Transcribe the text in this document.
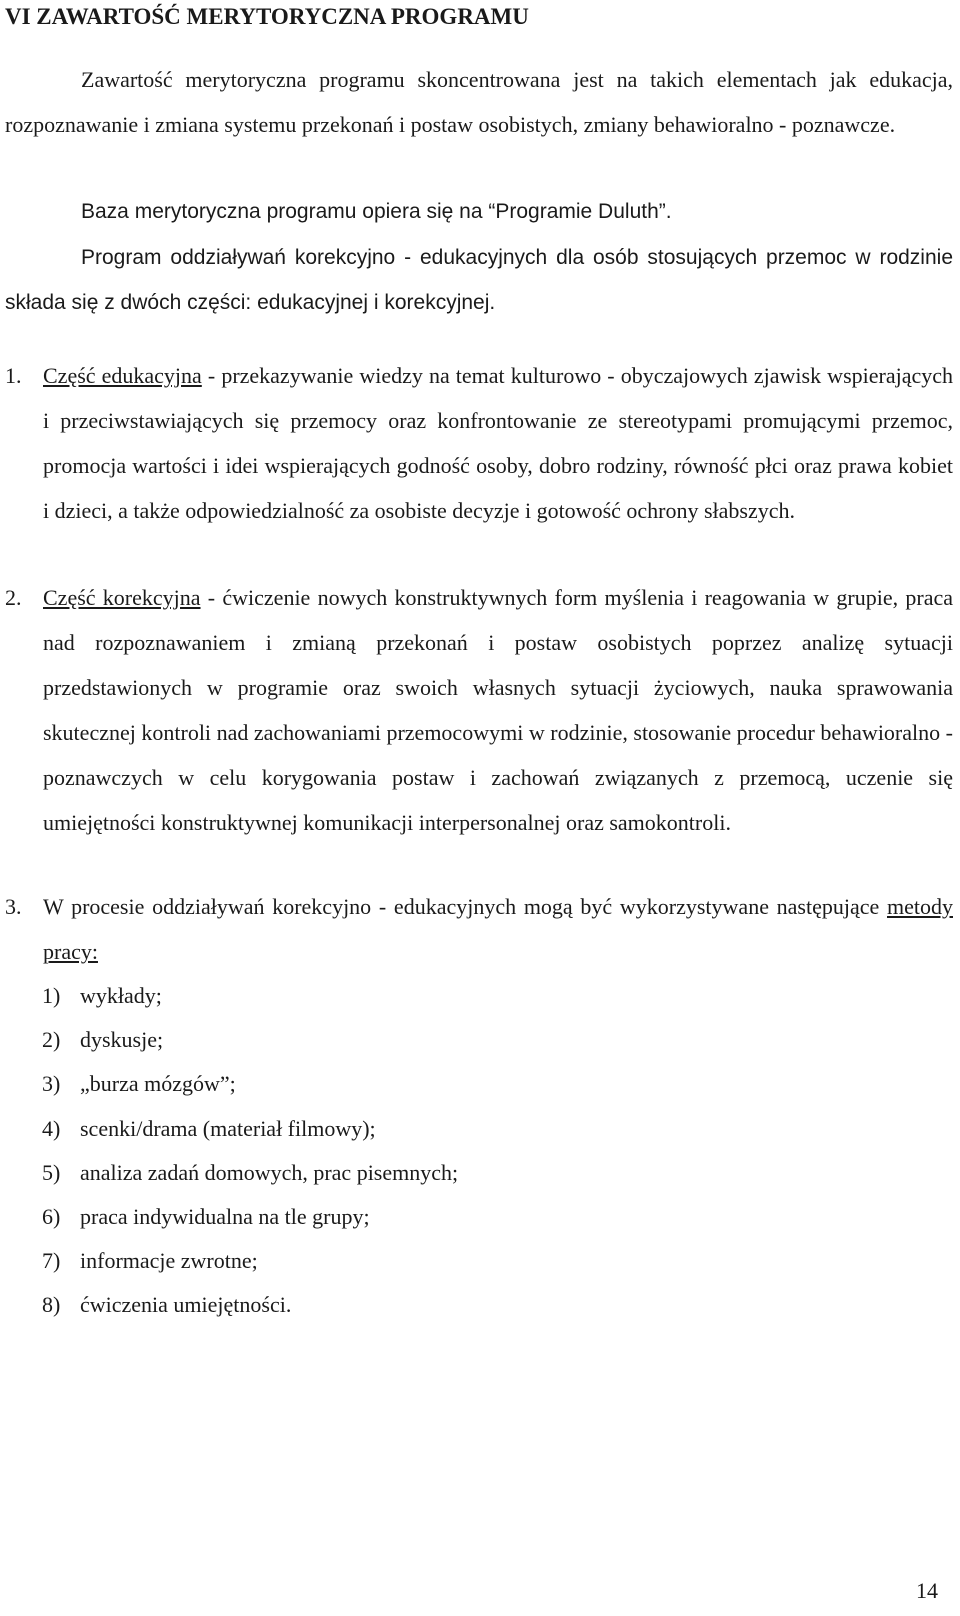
VI ZAWARTOŚĆ MERYTORYCZNA PROGRAMU

Zawartość merytoryczna programu skoncentrowana jest na takich elementach jak edukacja, rozpoznawanie i zmiana systemu przekonań i postaw osobistych, zmiany behawioralno - poznawcze.

Baza merytoryczna programu opiera się na “Programie Duluth”.

Program oddziaływań korekcyjno - edukacyjnych dla osób stosujących przemoc w rodzinie składa się z dwóch części: edukacyjnej i korekcyjnej.

1. Część edukacyjna - przekazywanie wiedzy na temat kulturowo - obyczajowych zjawisk wspierających i przeciwstawiających się przemocy oraz konfrontowanie ze stereotypami promującymi przemoc, promocja wartości i idei wspierających godność osoby, dobro rodziny, równość płci oraz prawa kobiet i dzieci, a także odpowiedzialność za osobiste decyzje i gotowość ochrony słabszych.
2. Część korekcyjna - ćwiczenie nowych konstruktywnych form myślenia i reagowania w grupie, praca nad rozpoznawaniem i zmianą przekonań i postaw osobistych poprzez analizę sytuacji przedstawionych w programie oraz swoich własnych sytuacji życiowych, nauka sprawowania skutecznej kontroli nad zachowaniami przemocowymi w rodzinie, stosowanie procedur behawioralno - poznawczych w celu korygowania postaw i zachowań związanych z przemocą, uczenie się umiejętności konstruktywnej komunikacji interpersonalnej oraz samokontroli.
3. W procesie oddziaływań korekcyjno - edukacyjnych mogą być wykorzystywane następujące metody pracy:

1) wykłady;

2) dyskusje;

3) „burza mózgów”;

4) scenki/drama (materiał filmowy);

5) analiza zadań domowych, prac pisemnych;

6) praca indywidualna na tle grupy;

7) informacje zwrotne;

8) ćwiczenia umiejętności.

14
